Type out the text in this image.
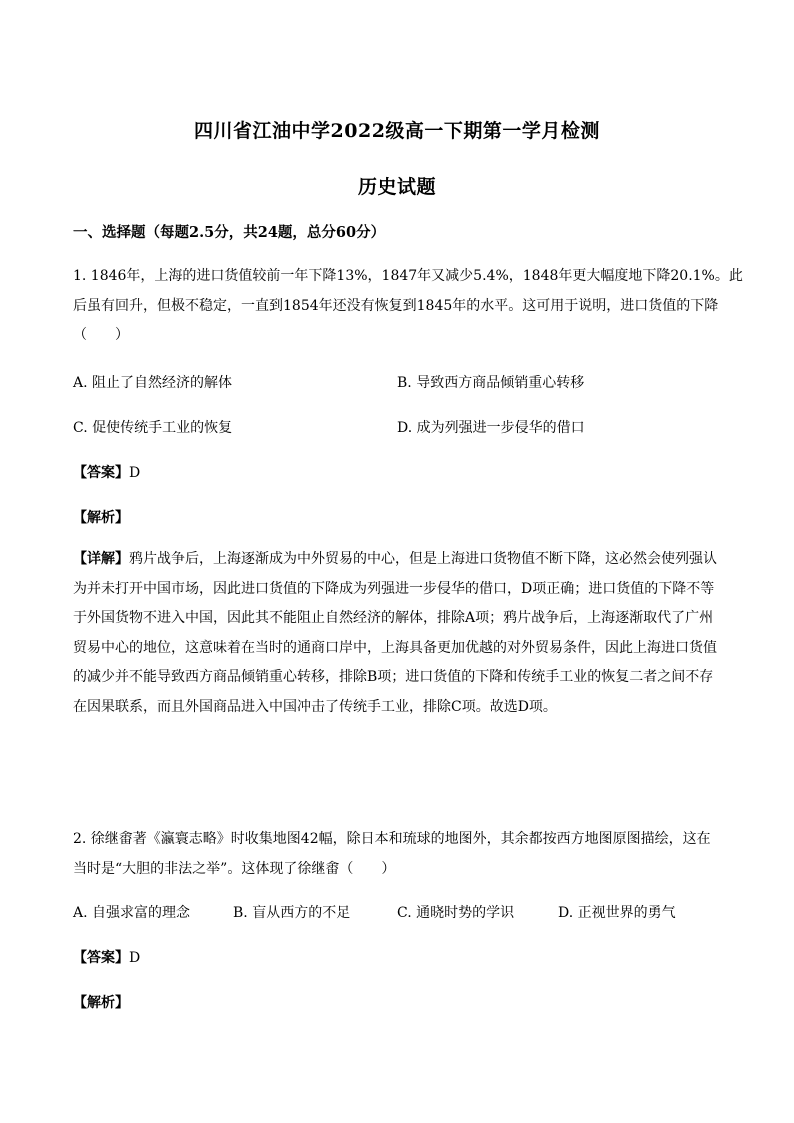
四川省江油中学2022级高一下期第一学月检测
历史试题
一、选择题（每题2.5分，共24题，总分60分）
1. 1846年，上海的进口货值较前一年下降13%，1847年又减少5.4%，1848年更大幅度地下降20.1%。此
后虽有回升，但极不稳定，一直到1854年还没有恢复到1845年的水平。这可用于说明，进口货值的下降
（　　）
A. 阻止了自然经济的解体	B. 导致西方商品倾销重心转移
C. 促使传统手工业的恢复	D. 成为列强进一步侵华的借口
【答案】D
【解析】
【详解】鸦片战争后，上海逐渐成为中外贸易的中心，但是上海进口货物值不断下降，这必然会使列强认
为并未打开中国市场，因此进口货值的下降成为列强进一步侵华的借口，D项正确；进口货值的下降不等
于外国货物不进入中国，因此其不能阻止自然经济的解体，排除A项；鸦片战争后，上海逐渐取代了广州
贸易中心的地位，这意味着在当时的通商口岸中，上海具备更加优越的对外贸易条件，因此上海进口货值
的减少并不能导致西方商品倾销重心转移，排除B项；进口货值的下降和传统手工业的恢复二者之间不存
在因果联系，而且外国商品进入中国冲击了传统手工业，排除C项。故选D项。
2. 徐继畬著《瀛寰志略》时收集地图42幅，除日本和琉球的地图外，其余都按西方地图原图描绘，这在
当时是“大胆的非法之举”。这体现了徐继畬（　　）
A. 自强求富的理念	B. 盲从西方的不足	C. 通晓时势的学识	D. 正视世界的勇气
【答案】D
【解析】
